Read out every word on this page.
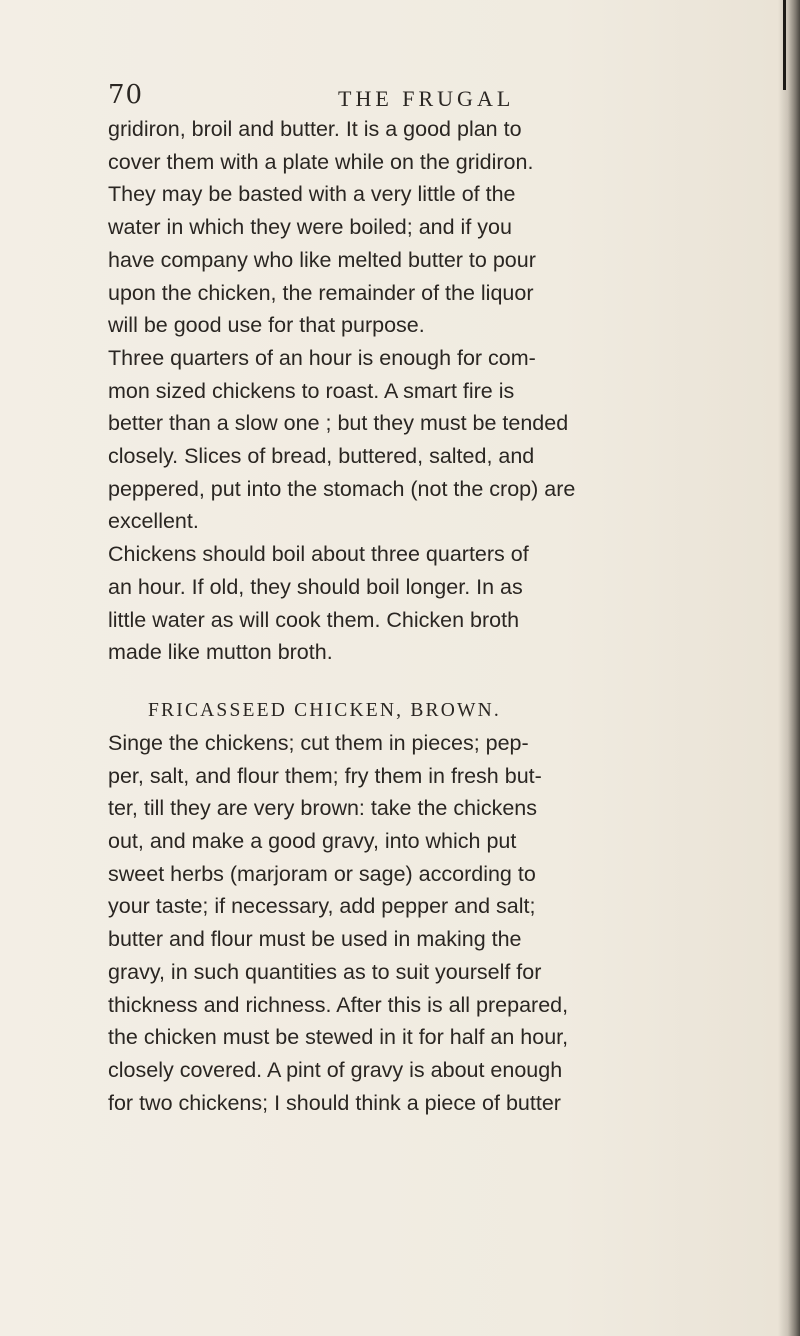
70	THE FRUGAL

gridiron, broil and butter. It is a good plan to
cover them with a plate while on the gridiron.
They may be basted with a very little of the
water in which they were boiled; and if you
have company who like melted butter to pour
upon the chicken, the remainder of the liquor
will be good use for that purpose.

Three quarters of an hour is enough for com-
mon sized chickens to roast. A smart fire is
better than a slow one ; but they must be tended
closely. Slices of bread, buttered, salted, and
peppered, put into the stomach (not the crop) are
excellent.

Chickens should boil about three quarters of
an hour. If old, they should boil longer. In as
little water as will cook them. Chicken broth
made like mutton broth.

FRICASSEED CHICKEN, BROWN.

Singe the chickens; cut them in pieces; pep-
per, salt, and flour them; fry them in fresh but-
ter, till they are very brown: take the chickens
out, and make a good gravy, into which put
sweet herbs (marjoram or sage) according to
your taste; if necessary, add pepper and salt;
butter and flour must be used in making the
gravy, in such quantities as to suit yourself for
thickness and richness. After this is all prepared,
the chicken must be stewed in it for half an hour,
closely covered. A pint of gravy is about enough
for two chickens; I should think a piece of butter
